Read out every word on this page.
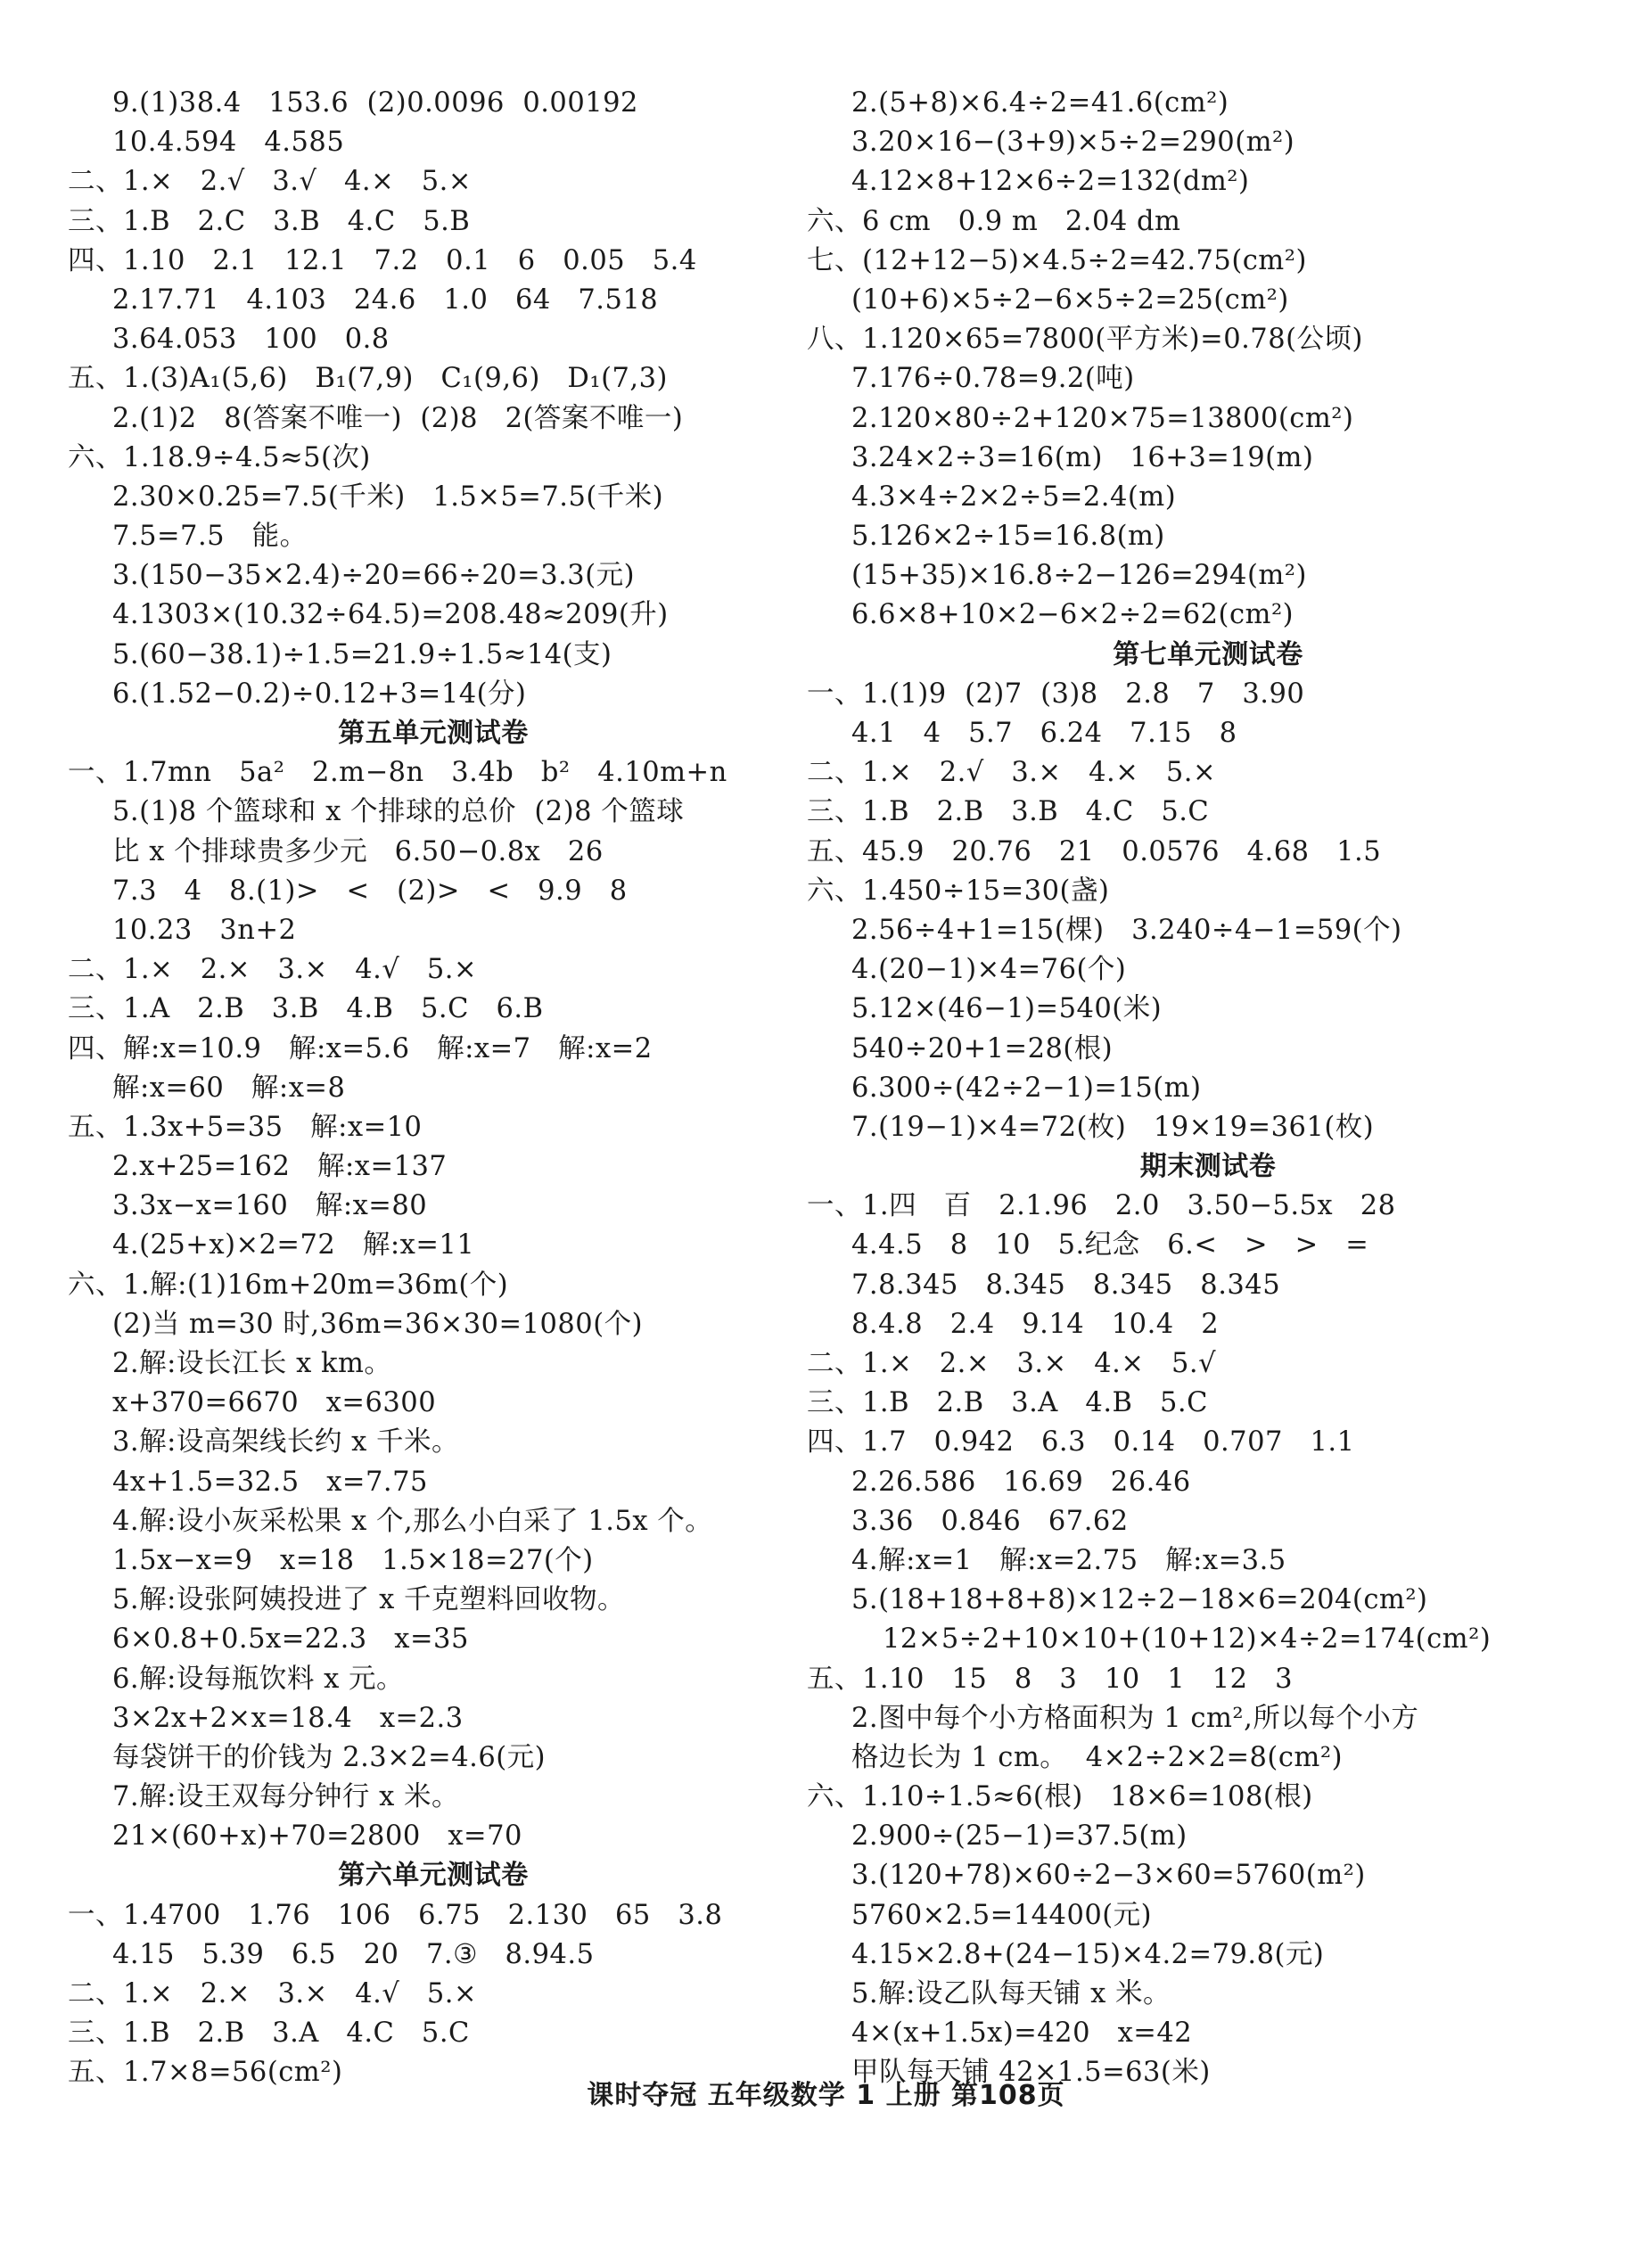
9.(1)38.4   153.6  (2)0.0096  0.00192
10.4.594   4.585
二、1.×   2.√   3.√   4.×   5.×
三、1.B   2.C   3.B   4.C   5.B
四、1.10   2.1   12.1   7.2   0.1   6   0.05   5.4
2.17.71   4.103   24.6   1.0   64   7.518
3.64.053   100   0.8
五、1.(3)A₁(5,6)   B₁(7,9)   C₁(9,6)   D₁(7,3)
2.(1)2   8(答案不唯一)  (2)8   2(答案不唯一)
六、1.18.9÷4.5≈5(次)
2.30×0.25=7.5(千米)   1.5×5=7.5(千米)
7.5=7.5   能。
3.(150−35×2.4)÷20=66÷20=3.3(元)
4.1303×(10.32÷64.5)=208.48≈209(升)
5.(60−38.1)÷1.5=21.9÷1.5≈14(支)
6.(1.52−0.2)÷0.12+3=14(分)
第五单元测试卷
一、1.7mn   5a²   2.m−8n   3.4b   b²   4.10m+n
5.(1)8 个篮球和 x 个排球的总价  (2)8 个篮球
比 x 个排球贵多少元   6.50−0.8x   26
7.3   4   8.(1)>   <   (2)>   <   9.9   8
10.23   3n+2
二、1.×   2.×   3.×   4.√   5.×
三、1.A   2.B   3.B   4.B   5.C   6.B
四、解:x=10.9   解:x=5.6   解:x=7   解:x=2
解:x=60   解:x=8
五、1.3x+5=35   解:x=10
2.x+25=162   解:x=137
3.3x−x=160   解:x=80
4.(25+x)×2=72   解:x=11
六、1.解:(1)16m+20m=36m(个)
(2)当 m=30 时,36m=36×30=1080(个)
2.解:设长江长 x km。
x+370=6670   x=6300
3.解:设高架线长约 x 千米。
4x+1.5=32.5   x=7.75
4.解:设小灰采松果 x 个,那么小白采了 1.5x 个。
1.5x−x=9   x=18   1.5×18=27(个)
5.解:设张阿姨投进了 x 千克塑料回收物。
6×0.8+0.5x=22.3   x=35
6.解:设每瓶饮料 x 元。
3×2x+2×x=18.4   x=2.3
每袋饼干的价钱为 2.3×2=4.6(元)
7.解:设王双每分钟行 x 米。
21×(60+x)+70=2800   x=70
第六单元测试卷
一、1.4700   1.76   106   6.75   2.130   65   3.8
4.15   5.39   6.5   20   7.③   8.94.5
二、1.×   2.×   3.×   4.√   5.×
三、1.B   2.B   3.A   4.C   5.C
五、1.7×8=56(cm²)
2.(5+8)×6.4÷2=41.6(cm²)
3.20×16−(3+9)×5÷2=290(m²)
4.12×8+12×6÷2=132(dm²)
六、6 cm   0.9 m   2.04 dm
七、(12+12−5)×4.5÷2=42.75(cm²)
(10+6)×5÷2−6×5÷2=25(cm²)
八、1.120×65=7800(平方米)=0.78(公顷)
7.176÷0.78=9.2(吨)
2.120×80÷2+120×75=13800(cm²)
3.24×2÷3=16(m)   16+3=19(m)
4.3×4÷2×2÷5=2.4(m)
5.126×2÷15=16.8(m)
(15+35)×16.8÷2−126=294(m²)
6.6×8+10×2−6×2÷2=62(cm²)
第七单元测试卷
一、1.(1)9  (2)7  (3)8   2.8   7   3.90
4.1   4   5.7   6.24   7.15   8
二、1.×   2.√   3.×   4.×   5.×
三、1.B   2.B   3.B   4.C   5.C
五、45.9   20.76   21   0.0576   4.68   1.5
六、1.450÷15=30(盏)
2.56÷4+1=15(棵)   3.240÷4−1=59(个)
4.(20−1)×4=76(个)
5.12×(46−1)=540(米)
540÷20+1=28(根)
6.300÷(42÷2−1)=15(m)
7.(19−1)×4=72(枚)   19×19=361(枚)
期末测试卷
一、1.四   百   2.1.96   2.0   3.50−5.5x   28
4.4.5   8   10   5.纪念   6.<   >   >   =
7.8.345   8.345   8.345   8.345
8.4.8   2.4   9.14   10.4   2
二、1.×   2.×   3.×   4.×   5.√
三、1.B   2.B   3.A   4.B   5.C
四、1.7   0.942   6.3   0.14   0.707   1.1
2.26.586   16.69   26.46
3.36   0.846   67.62
4.解:x=1   解:x=2.75   解:x=3.5
5.(18+18+8+8)×12÷2−18×6=204(cm²)
12×5÷2+10×10+(10+12)×4÷2=174(cm²)
五、1.10   15   8   3   10   1   12   3
2.图中每个小方格面积为 1 cm²,所以每个小方
格边长为 1 cm。  4×2÷2×2=8(cm²)
六、1.10÷1.5≈6(根)   18×6=108(根)
2.900÷(25−1)=37.5(m)
3.(120+78)×60÷2−3×60=5760(m²)
5760×2.5=14400(元)
4.15×2.8+(24−15)×4.2=79.8(元)
5.解:设乙队每天铺 x 米。
4×(x+1.5x)=420   x=42
甲队每天铺 42×1.5=63(米)
课时夺冠 五年级数学 1 上册 第108页
